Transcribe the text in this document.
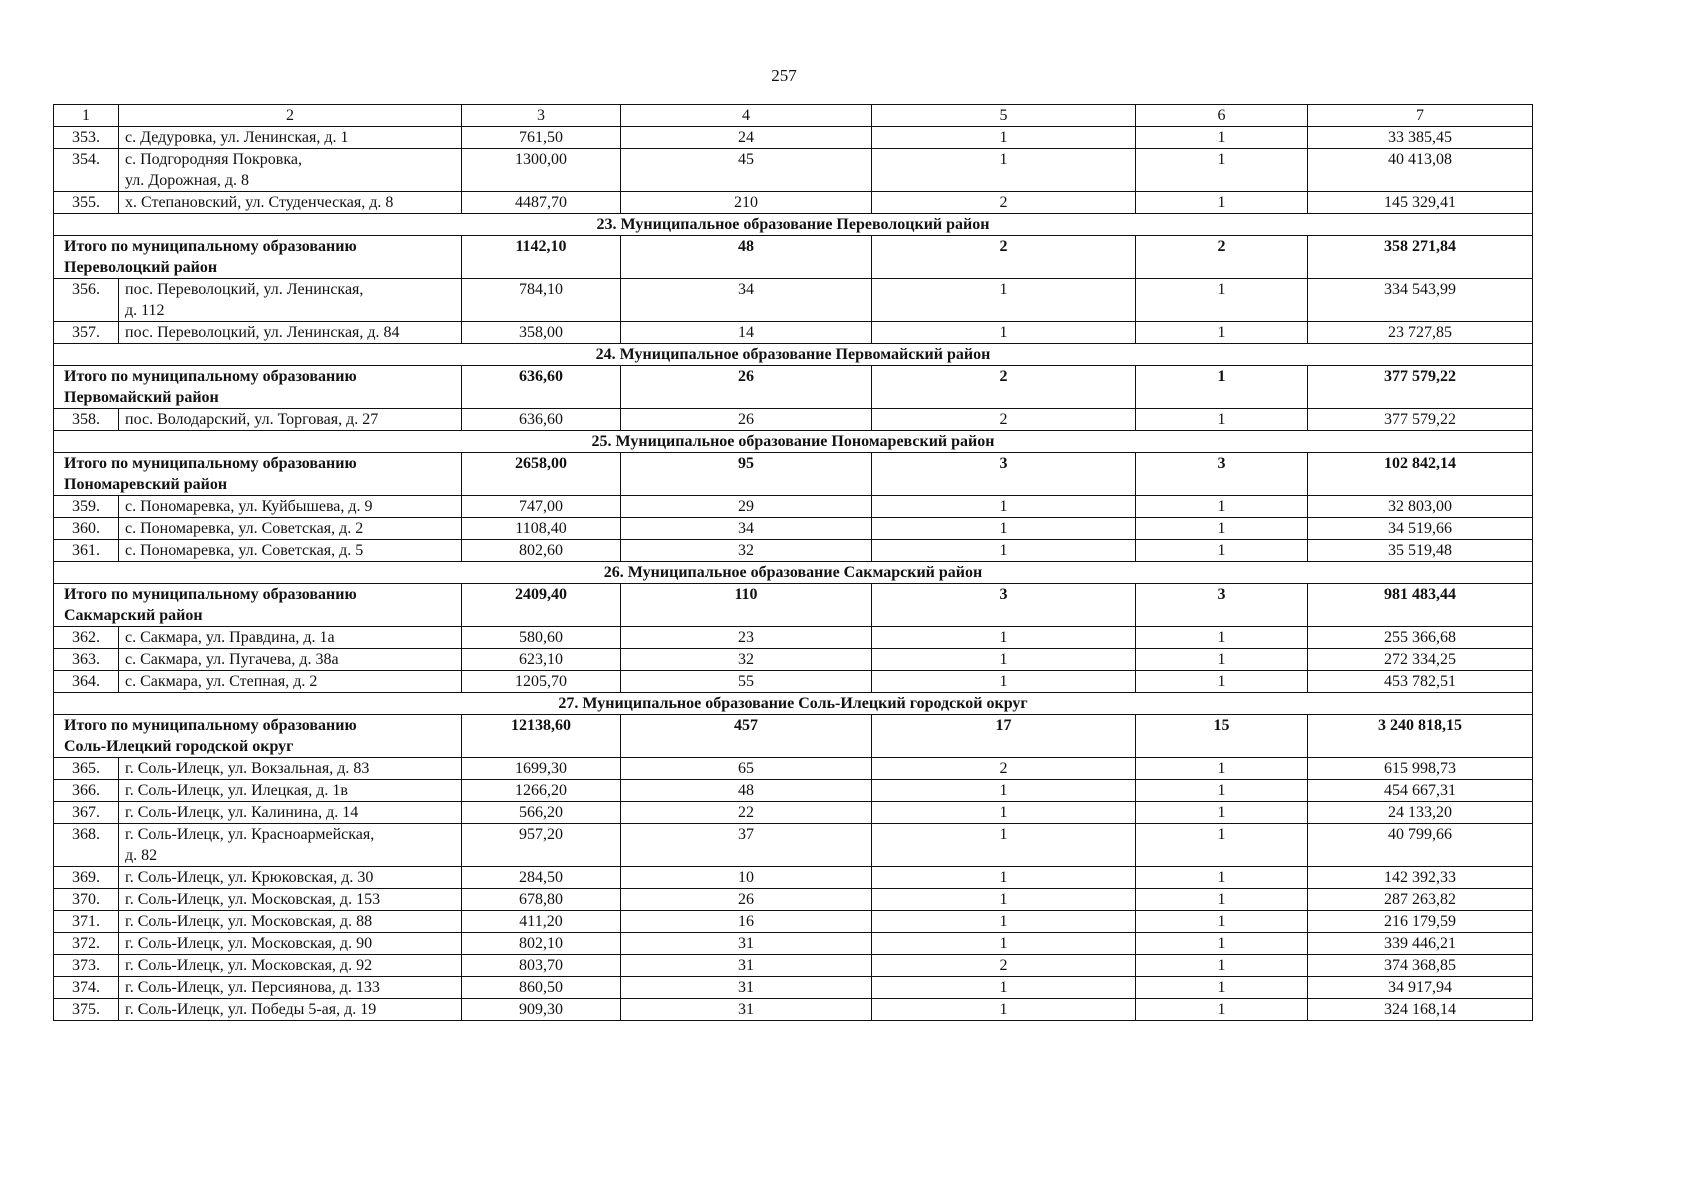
257
1	2	3	4	5	6	7
353.	с. Дедуровка, ул. Ленинская, д. 1	761,50	24	1	1	33 385,45
354.	с. Подгородняя Покровка,
ул. Дорожная, д. 8	1300,00	45	1	1	40 413,08
355.	х. Степановский, ул. Студенческая, д. 8	4487,70	210	2	1	145 329,41
23. Муниципальное образование Переволоцкий район						
Итого по муниципальному образованию
Переволоцкий район		1142,10	48	2	2	358 271,84
356.	пос. Переволоцкий, ул. Ленинская,
д. 112	784,10	34	1	1	334 543,99
357.	пос. Переволоцкий, ул. Ленинская, д. 84	358,00	14	1	1	23 727,85
24. Муниципальное образование Первомайский район						
Итого по муниципальному образованию
Первомайский район		636,60	26	2	1	377 579,22
358.	пос. Володарский, ул. Торговая, д. 27	636,60	26	2	1	377 579,22
25. Муниципальное образование Пономаревский район						
Итого по муниципальному образованию
Пономаревский район		2658,00	95	3	3	102 842,14
359.	с. Пономаревка, ул. Куйбышева, д. 9	747,00	29	1	1	32 803,00
360.	с. Пономаревка, ул. Советская, д. 2	1108,40	34	1	1	34 519,66
361.	с. Пономаревка, ул. Советская, д. 5	802,60	32	1	1	35 519,48
26. Муниципальное образование Сакмарский район						
Итого по муниципальному образованию
Сакмарский район		2409,40	110	3	3	981 483,44
362.	с. Сакмара, ул. Правдина, д. 1а	580,60	23	1	1	255 366,68
363.	с. Сакмара, ул. Пугачева, д. 38а	623,10	32	1	1	272 334,25
364.	с. Сакмара, ул. Степная, д. 2	1205,70	55	1	1	453 782,51
27. Муниципальное образование Соль-Илецкий городской округ						
Итого по муниципальному образованию
Соль-Илецкий городской округ		12138,60	457	17	15	3 240 818,15
365.	г. Соль-Илецк, ул. Вокзальная, д. 83	1699,30	65	2	1	615 998,73
366.	г. Соль-Илецк, ул. Илецкая, д. 1в	1266,20	48	1	1	454 667,31
367.	г. Соль-Илецк, ул. Калинина, д. 14	566,20	22	1	1	24 133,20
368.	г. Соль-Илецк, ул. Красноармейская,
д. 82	957,20	37	1	1	40 799,66
369.	г. Соль-Илецк, ул. Крюковская, д. 30	284,50	10	1	1	142 392,33
370.	г. Соль-Илецк, ул. Московская, д. 153	678,80	26	1	1	287 263,82
371.	г. Соль-Илецк, ул. Московская, д. 88	411,20	16	1	1	216 179,59
372.	г. Соль-Илецк, ул. Московская, д. 90	802,10	31	1	1	339 446,21
373.	г. Соль-Илецк, ул. Московская, д. 92	803,70	31	2	1	374 368,85
374.	г. Соль-Илецк, ул. Персиянова, д. 133	860,50	31	1	1	34 917,94
375.	г. Соль-Илецк, ул. Победы 5-ая, д. 19	909,30	31	1	1	324 168,14
